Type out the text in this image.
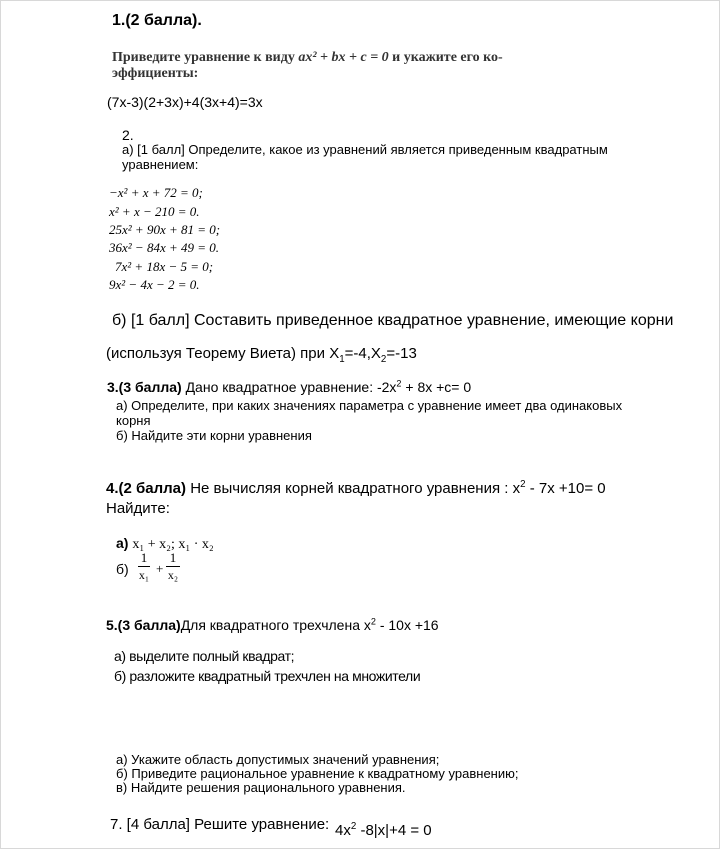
1.(2 балла).
Приведите уравнение к виду ax² + bx + c = 0 и укажите его ко-
эффициенты:
(7x-3)(2+3x)+4(3x+4)=3x
2.
а) [1 балл] Определите, какое из уравнений является приведенным квадратным
уравнением:
−x² + x + 72 = 0;
x² + x − 210 = 0.
25x² + 90x + 81 = 0;
36x² − 84x + 49 = 0.
7x² + 18x − 5 = 0;
9x² − 4x − 2 = 0.
б) [1 балл] Составить приведенное квадратное уравнение, имеющие корни
(используя Теорему Виета) при $X_1=-4,X_2=-13$
3.(3 балла) Дано квадратное уравнение: $-2x^2 + 8x +c= 0$
а) Определите, при каких значениях параметра с уравнение имеет два одинаковых
корня
б) Найдите эти корни уравнения
4.(2 балла) Не вычисляя корней квадратного уравнения : $x^2 - 7x +10= 0$
Найдите:
а) x₁ + x₂; x₁ · x₂
б)
1
x₁ +
1
x₂
5.(3 балла)Для квадратного трехчлена $x^2 - 10x +16$
а) выделите полный квадрат;
б) разложите квадратный трехчлен на множители
а) Укажите область допустимых значений уравнения;
б) Приведите рациональное уравнение к квадратному уравнению;
в) Найдите решения рационального уравнения.
7. [4 балла] Решите уравнение: $4x^2$ -8|x|+4 = 0
